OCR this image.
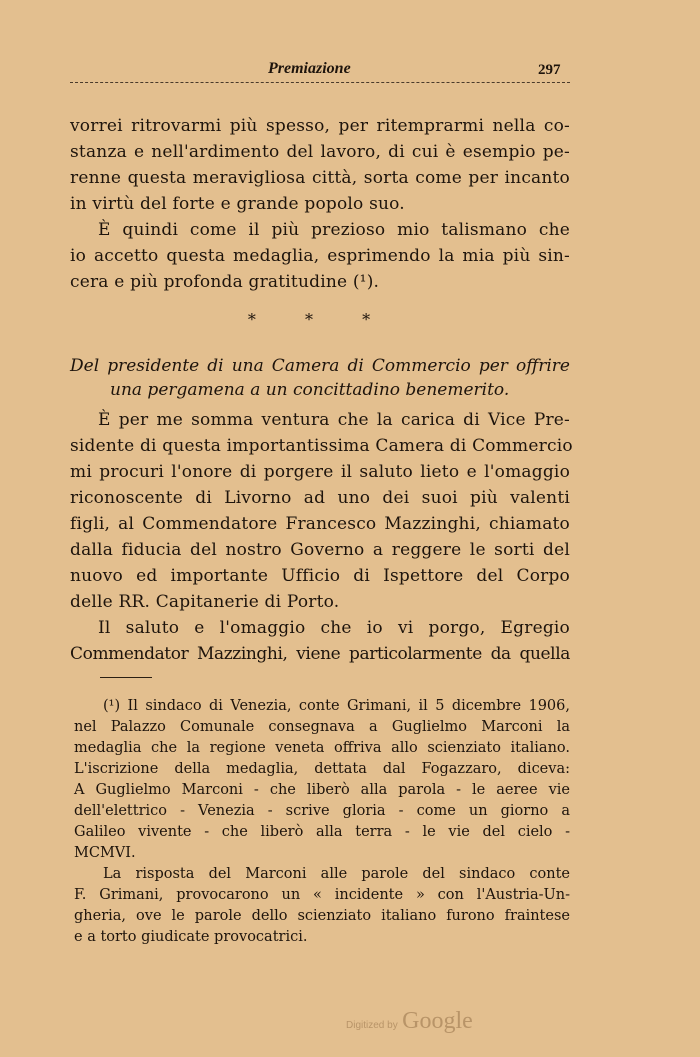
Premiazione	297
vorrei ritrovarmi più spesso, per ritemprarmi nella co-
stanza e nell'ardimento del lavoro, di cui è esempio pe-
renne questa meravigliosa città, sorta come per incanto
in virtù del forte e grande popolo suo.
È quindi come il più prezioso mio talismano che
io accetto questa medaglia, esprimendo la mia più sin-
cera e più profonda gratitudine (¹).
* * *
Del presidente di una Camera di Commercio per offrire
una pergamena a un concittadino benemerito.
È per me somma ventura che la carica di Vice Pre-
sidente di questa importantissima Camera di Commercio
mi procuri l'onore di porgere il saluto lieto e l'omaggio
riconoscente di Livorno ad uno dei suoi più valenti
figli, al Commendatore Francesco Mazzinghi, chiamato
dalla fiducia del nostro Governo a reggere le sorti del
nuovo ed importante Ufficio di Ispettore del Corpo
delle RR. Capitanerie di Porto.
Il saluto e l'omaggio che io vi porgo, Egregio
Commendator Mazzinghi, viene particolarmente da quella
(¹) Il sindaco di Venezia, conte Grimani, il 5 dicembre 1906,
nel Palazzo Comunale consegnava a Guglielmo Marconi la
medaglia che la regione veneta offriva allo scienziato italiano.
L'iscrizione della medaglia, dettata dal Fogazzaro, diceva:
A Guglielmo Marconi - che liberò alla parola - le aeree vie
dell'elettrico - Venezia - scrive gloria - come un giorno a
Galileo vivente - che liberò alla terra - le vie del cielo -
MCMVI.
La risposta del Marconi alle parole del sindaco conte
F. Grimani, provocarono un « incidente » con l'Austria-Un-
gheria, ove le parole dello scienziato italiano furono fraintese
e a torto giudicate provocatrici.
Digitized by Google
